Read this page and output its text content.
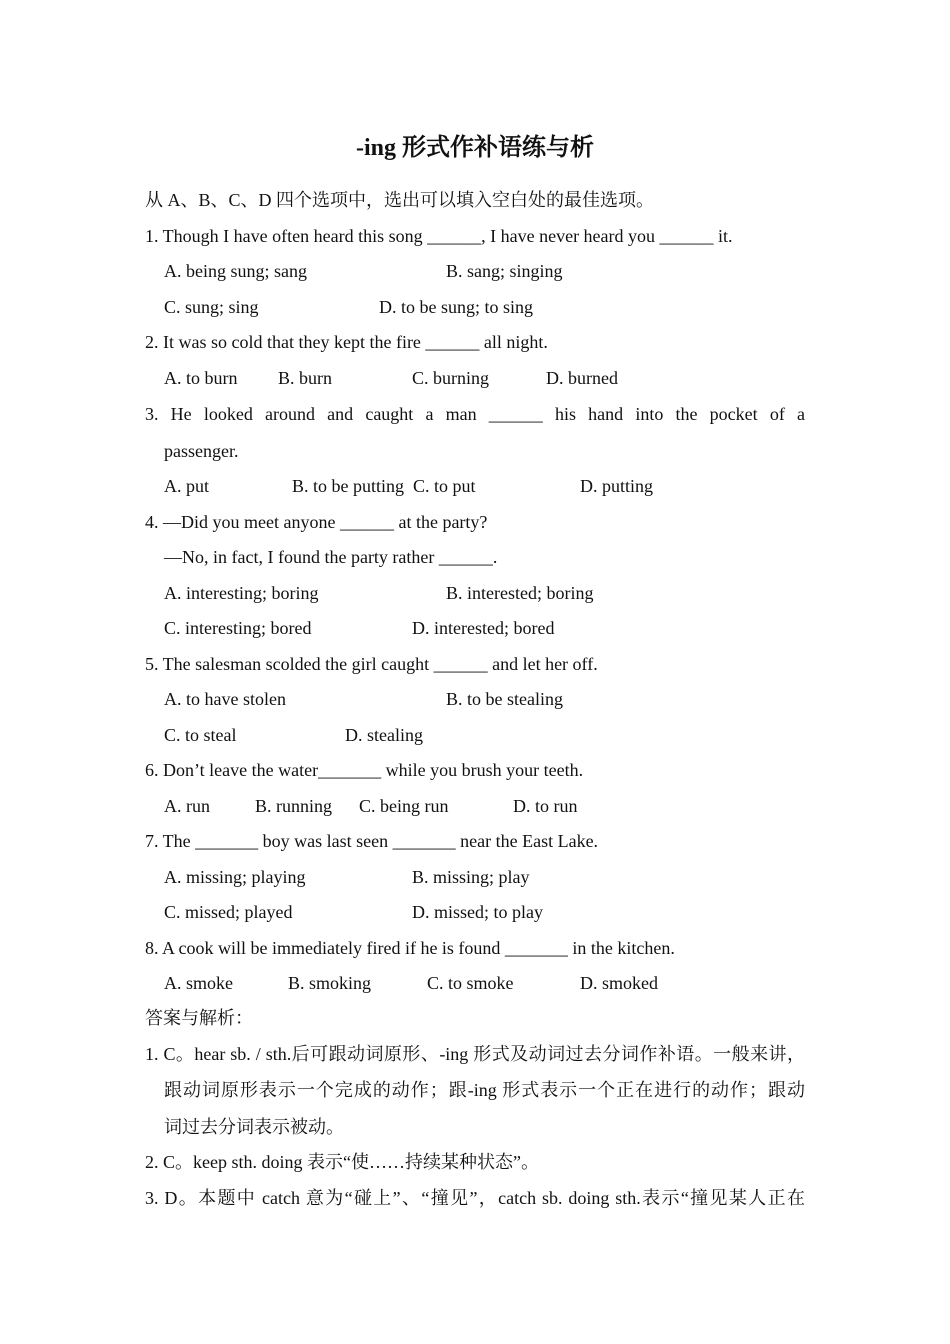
-ing 形式作补语练与析
从 A、B、C、D 四个选项中，选出可以填入空白处的最佳选项。
1. Though I have often heard this song ______, I have never heard you ______ it.
A. being sung; sang	B. sang; singing
C. sung; sing	D. to be sung; to sing
2. It was so cold that they kept the fire ______ all night.
A. to burn B. burn	C. burning	D. burned
3. He looked around and caught a man ______ his hand into the pocket of a
passenger.
A. put	B. to be putting C. to put	D. putting
4. —Did you meet anyone ______ at the party?
—No, in fact, I found the party rather ______.
A. interesting; boring	B. interested; boring
C. interesting; bored	D. interested; bored
5. The salesman scolded the girl caught ______ and let her off.
A. to have stolen	B. to be stealing
C. to steal	D. stealing
6. Don’t leave the water_______ while you brush your teeth.
A. run	B. running C. being run	D. to run
7. The _______ boy was last seen _______ near the East Lake.
A. missing; playing	B. missing; play
C. missed; played	D. missed; to play
8. A cook will be immediately fired if he is found _______ in the kitchen.
A. smoke	B. smoking	C. to smoke	D. smoked
答案与解析：
1. C。hear sb. / sth.后可跟动词原形、-ing 形式及动词过去分词作补语。一般来讲，
跟动词原形表示一个完成的动作；跟-ing 形式表示一个正在进行的动作；跟动
词过去分词表示被动。
2. C。keep sth. doing 表示“使……持续某种状态”。
3. D。本题中 catch 意为“碰上”、“撞见”，catch sb. doing sth.表示“撞见某人正在
